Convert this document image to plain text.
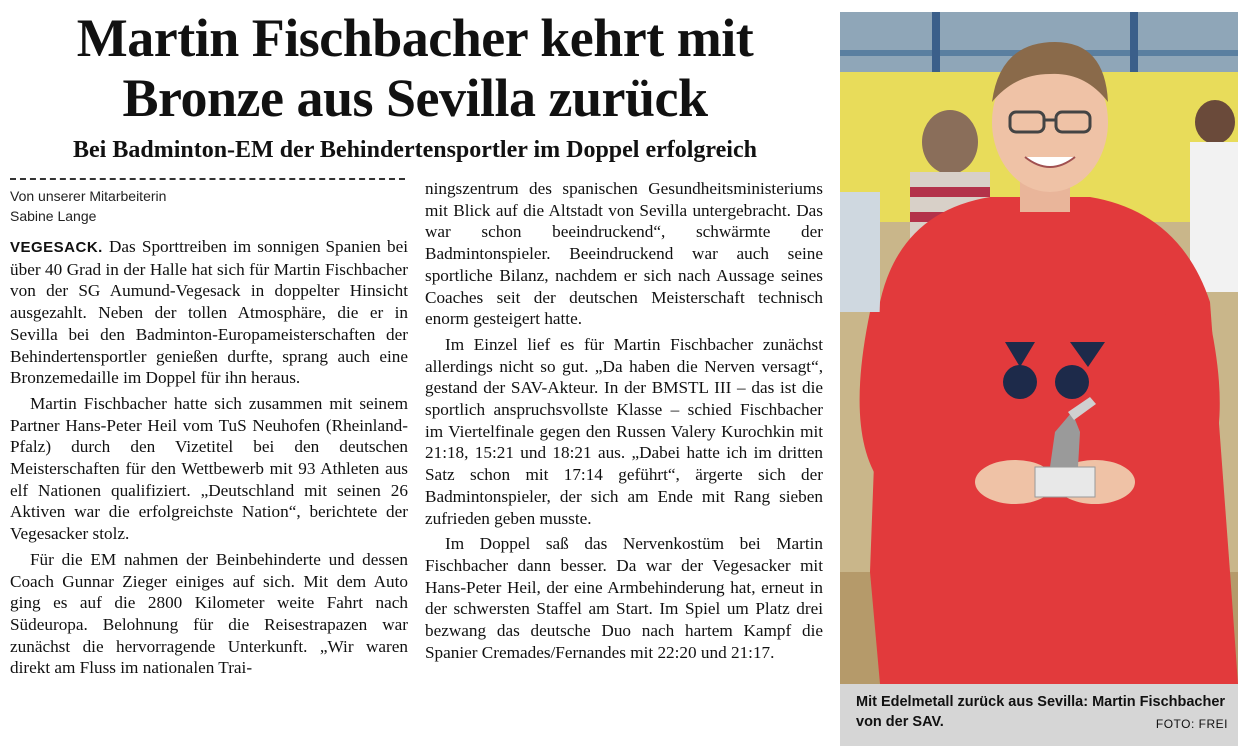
Martin Fischbacher kehrt mit
Bronze aus Sevilla zurück
Bei Badminton-EM der Behindertensportler im Doppel erfolgreich
Von unserer Mitarbeiterin
Sabine Lange

VEGESACK. Das Sporttreiben im sonnigen Spanien bei über 40 Grad in der Halle hat sich für Martin Fischbacher von der SG Aumund-Vegesack in doppelter Hinsicht ausgezahlt. Neben der tollen Atmosphäre, die er in Sevilla bei den Badminton-Europameisterschaften der Behindertensportler genießen durfte, sprang auch eine Bronzemedaille im Doppel für ihn heraus.

Martin Fischbacher hatte sich zusammen mit seinem Partner Hans-Peter Heil vom TuS Neuhofen (Rheinland-Pfalz) durch den Vizetitel bei den deutschen Meisterschaften für den Wettbewerb mit 93 Athleten aus elf Nationen qualifiziert. „Deutschland mit seinen 26 Aktiven war die erfolgreichste Nation“, berichtete der Vegesacker stolz.

Für die EM nahmen der Beinbehinderte und dessen Coach Gunnar Zieger einiges auf sich. Mit dem Auto ging es auf die 2800 Kilometer weite Fahrt nach Südeuropa. Belohnung für die Reisestrapazen war zunächst die hervorragende Unterkunft. „Wir waren direkt am Fluss im nationalen Trai-

ningszentrum des spanischen Gesundheitsministeriums mit Blick auf die Altstadt von Sevilla untergebracht. Das war schon beeindruckend“, schwärmte der Badmintonspieler. Beeindruckend war auch seine sportliche Bilanz, nachdem er sich nach Aussage seines Coaches seit der deutschen Meisterschaft technisch enorm gesteigert hatte.

Im Einzel lief es für Martin Fischbacher zunächst allerdings nicht so gut. „Da haben die Nerven versagt“, gestand der SAV-Akteur. In der BMSTL III – das ist die sportlich anspruchsvollste Klasse – schied Fischbacher im Viertelfinale gegen den Russen Valery Kurochkin mit 21:18, 15:21 und 18:21 aus. „Dabei hatte ich im dritten Satz schon mit 17:14 geführt“, ärgerte sich der Badmintonspieler, der sich am Ende mit Rang sieben zufrieden geben musste.

Im Doppel saß das Nervenkostüm bei Martin Fischbacher dann besser. Da war der Vegesacker mit Hans-Peter Heil, der eine Armbehinderung hat, erneut in der schwersten Staffel am Start. Im Spiel um Platz drei bezwang das deutsche Duo nach hartem Kampf die Spanier Cremades/Fernandes mit 22:20 und 21:17.

Mit Edelmetall zurück aus Sevilla: Martin Fischbacher von der SAV.	FOTO: FREI
